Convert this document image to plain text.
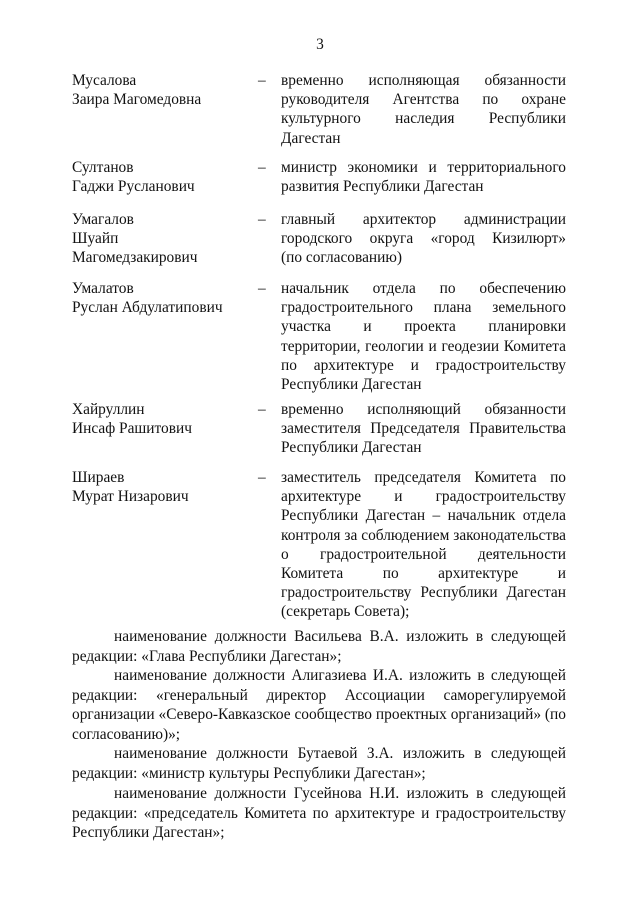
3
Мусалова
Заира Магомедовна
– временно исполняющая обязанности
руководителя Агентства по охране
культурного наследия Республики
Дагестан
Султанов
Гаджи Русланович
– министр экономики и территориального
развития Республики Дагестан
Умагалов
Шуайп
Магомедзакирович
– главный архитектор администрации
городского округа «город Кизилюрт»
(по согласованию)
Умалатов
Руслан Абдулатипович
– начальник отдела по обеспечению
градостроительного плана земельного
участка и проекта планировки
территории, геологии и геодезии Комитета
по архитектуре и градостроительству
Республики Дагестан
Хайруллин
Инсаф Рашитович
– временно исполняющий обязанности
заместителя Председателя Правительства
Республики Дагестан
Шираев
Мурат Низарович
– заместитель председателя Комитета по
архитектуре и градостроительству
Республики Дагестан – начальник отдела
контроля за соблюдением законодательства
о градостроительной деятельности
Комитета по архитектуре и
градостроительству Республики Дагестан
(секретарь Совета);
наименование должности Васильева В.А. изложить в следующей
редакции: «Глава Республики Дагестан»;
наименование должности Алигазиева И.А. изложить в следующей
редакции: «генеральный директор Ассоциации саморегулируемой
организации «Северо-Кавказское сообщество проектных организаций» (по
согласованию)»;
наименование должности Бутаевой З.А. изложить в следующей
редакции: «министр культуры Республики Дагестан»;
наименование должности Гусейнова Н.И. изложить в следующей
редакции: «председатель Комитета по архитектуре и градостроительству
Республики Дагестан»;
